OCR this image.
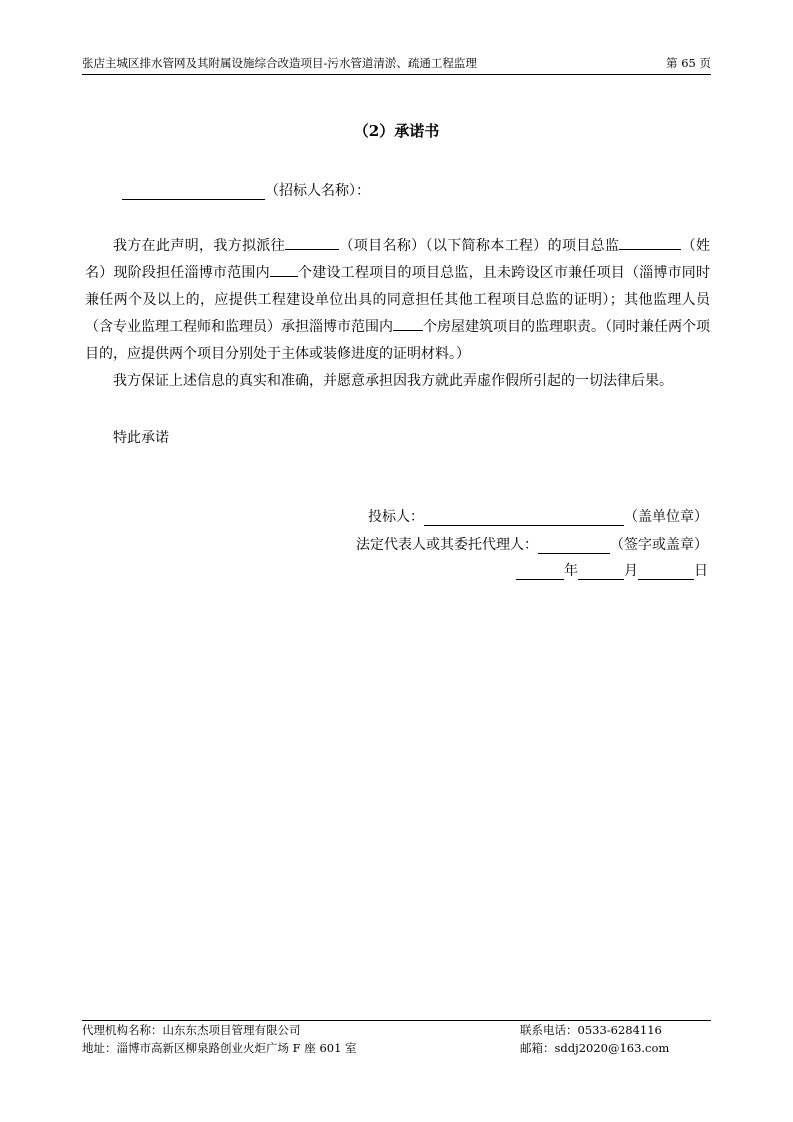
张店主城区排水管网及其附属设施综合改造项目-污水管道清淤、疏通工程监理	第 65 页
（2）承诺书
（招标人名称）：

我方在此声明，我方拟派往	（项目名称）（以下简称本工程）的项目总监	（姓名）现阶段担任淄博市范围内 个建设工程项目的项目总监，且未跨设区市兼任项目（淄博市同时兼任两个及以上的，应提供工程建设单位出具的同意担任其他工程项目总监的证明）；其他监理人员（含专业监理工程师和监理员）承担淄博市范围内 个房屋建筑项目的监理职责。（同时兼任两个项目的，应提供两个项目分别处于主体或装修进度的证明材料。）

我方保证上述信息的真实和准确，并愿意承担因我方就此弄虚作假所引起的一切法律后果。

特此承诺
投标人：	（盖单位章）
法定代表人或其委托代理人：	（签字或盖章）
年	月	日
代理机构名称：山东东杰项目管理有限公司	联系电话：0533-6284116
地址：淄博市高新区柳泉路创业火炬广场 F 座 601 室	邮箱：sddj2020@163.com
